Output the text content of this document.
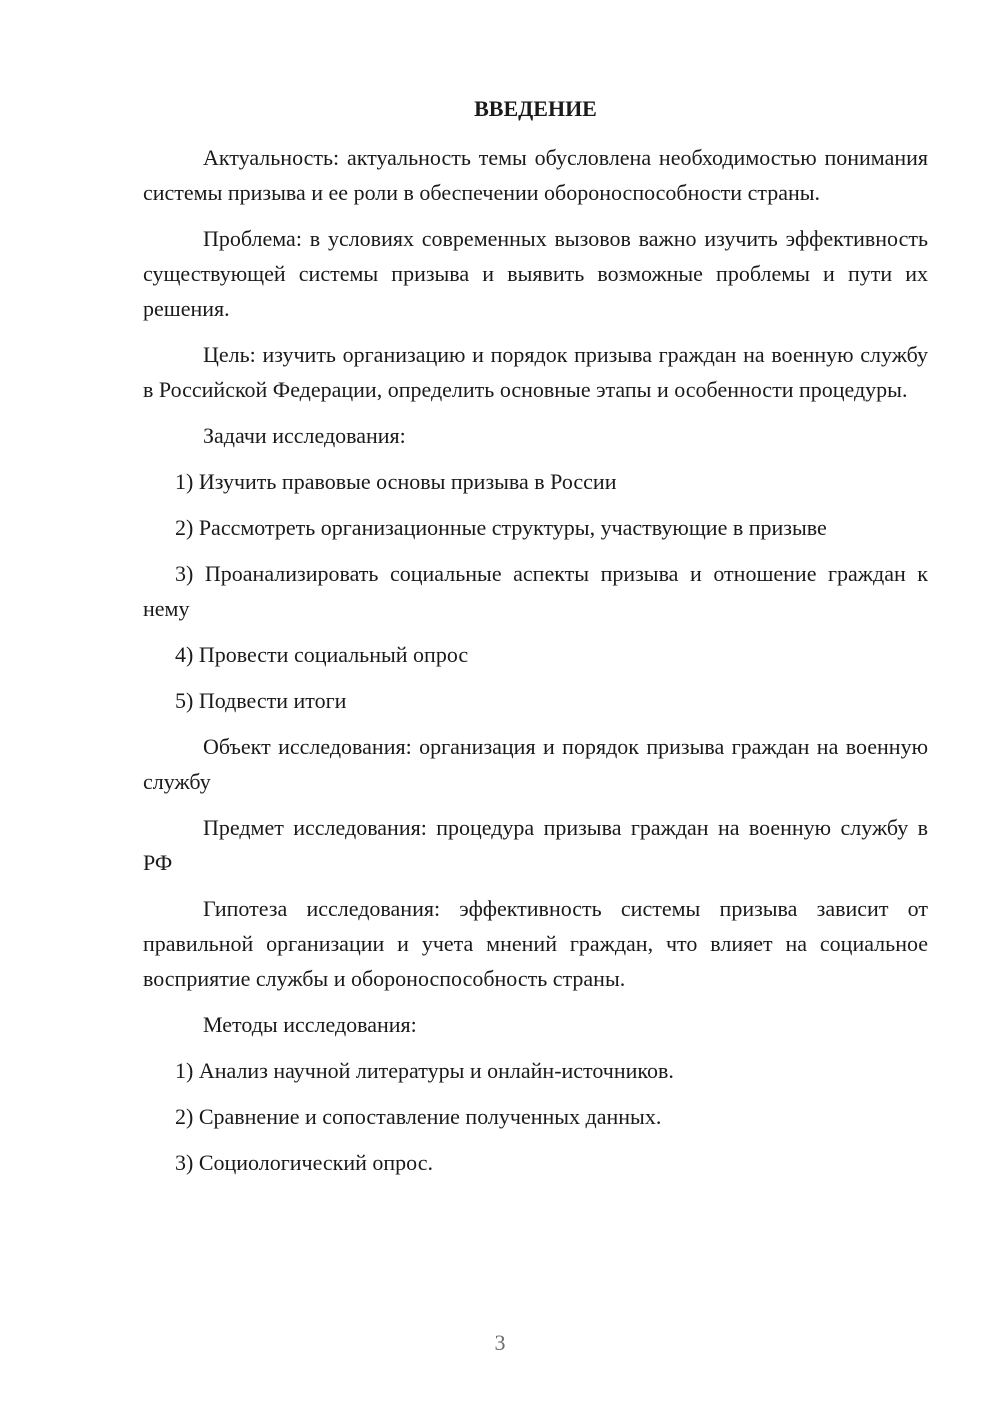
ВВЕДЕНИЕ

Актуальность: актуальность темы обусловлена необходимостью понимания системы призыва и ее роли в обеспечении обороноспособности страны.

Проблема: в условиях современных вызовов важно изучить эффективность существующей системы призыва и выявить возможные проблемы и пути их решения.

Цель: изучить организацию и порядок призыва граждан на военную службу в Российской Федерации, определить основные этапы и особенности процедуры.

Задачи исследования:

1) Изучить правовые основы призыва в России

2) Рассмотреть организационные структуры, участвующие в призыве

3) Проанализировать социальные аспекты призыва и отношение граждан к нему

4) Провести социальный опрос

5) Подвести итоги

Объект исследования: организация и порядок призыва граждан на военную службу

Предмет исследования: процедура призыва граждан на военную службу в РФ

Гипотеза исследования: эффективность системы призыва зависит от правильной организации и учета мнений граждан, что влияет на социальное восприятие службы и обороноспособность страны.

Методы исследования:

1) Анализ научной литературы и онлайн-источников.

2) Сравнение и сопоставление полученных данных.

3) Социологический опрос.

3
